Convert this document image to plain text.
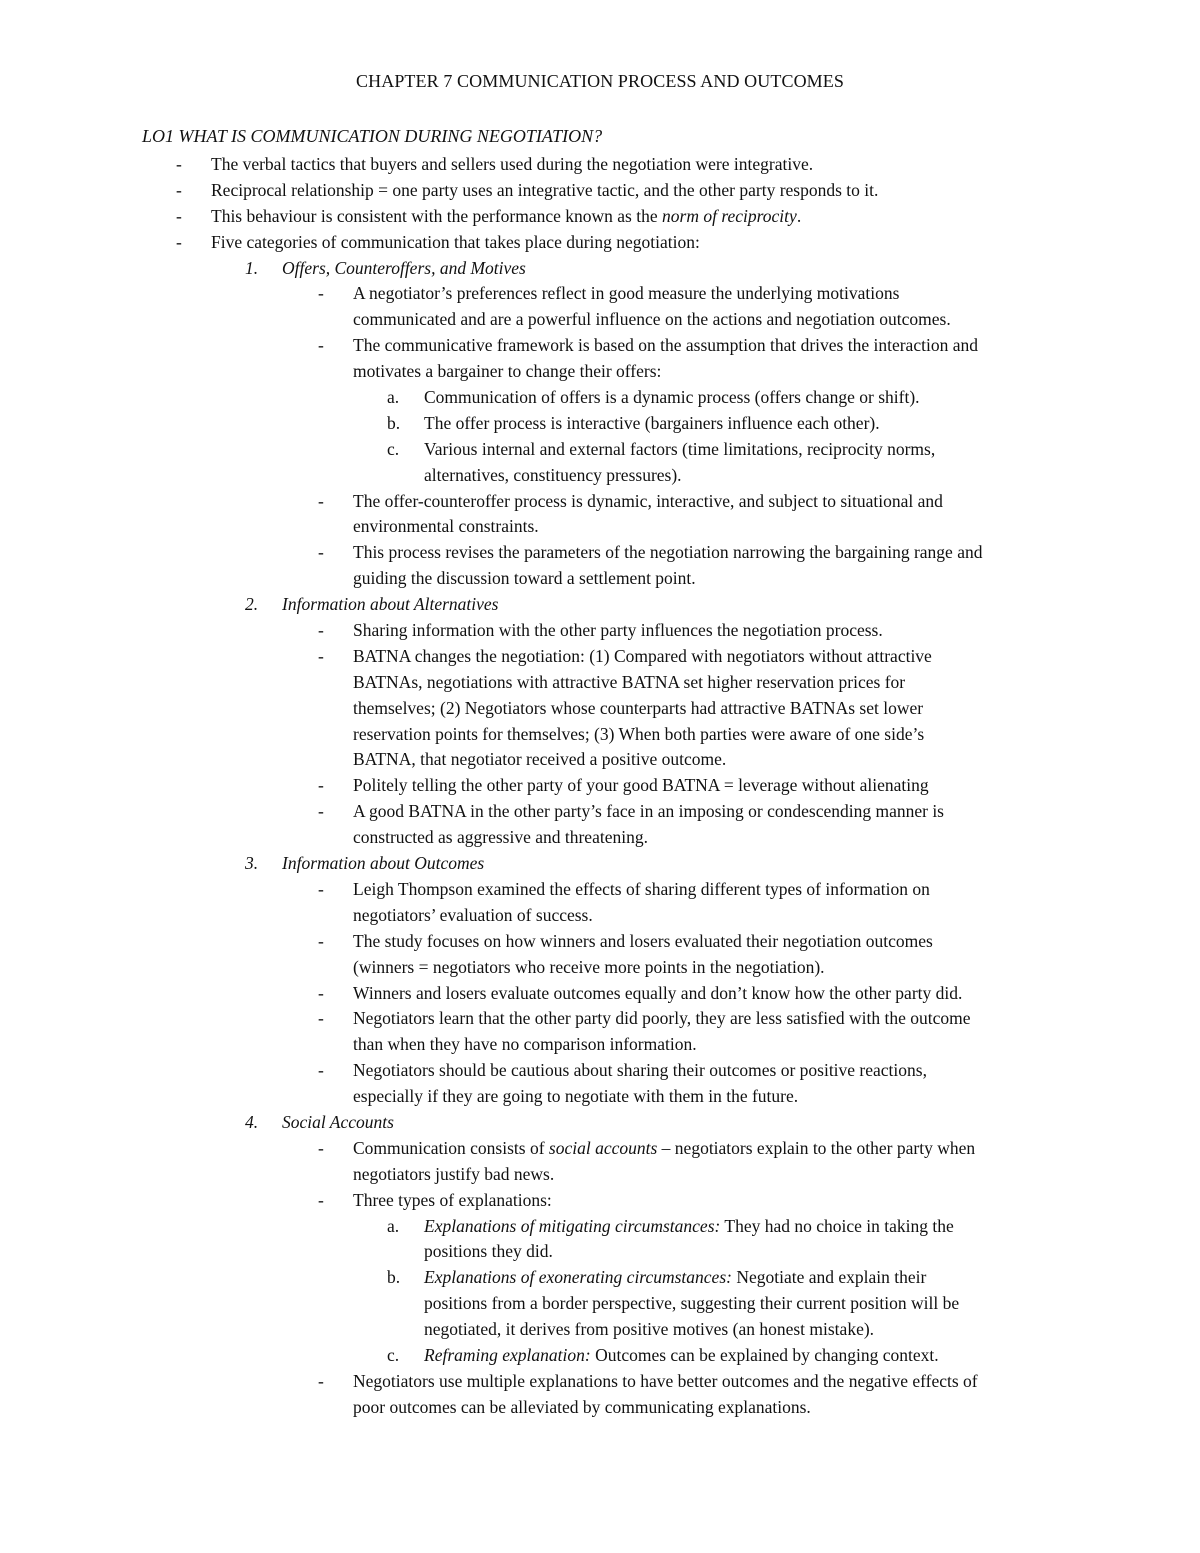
CHAPTER 7 COMMUNICATION PROCESS AND OUTCOMES
LO1 WHAT IS COMMUNICATION DURING NEGOTIATION?
- The verbal tactics that buyers and sellers used during the negotiation were integrative.
- Reciprocal relationship = one party uses an integrative tactic, and the other party responds to it.
- This behaviour is consistent with the performance known as the norm of reciprocity.
- Five categories of communication that takes place during negotiation:
1. Offers, Counteroffers, and Motives
- A negotiator’s preferences reflect in good measure the underlying motivations
communicated and are a powerful influence on the actions and negotiation outcomes.
- The communicative framework is based on the assumption that drives the interaction and
motivates a bargainer to change their offers:
a. Communication of offers is a dynamic process (offers change or shift).
b. The offer process is interactive (bargainers influence each other).
c. Various internal and external factors (time limitations, reciprocity norms,
alternatives, constituency pressures).
- The offer-counteroffer process is dynamic, interactive, and subject to situational and
environmental constraints.
- This process revises the parameters of the negotiation narrowing the bargaining range and
guiding the discussion toward a settlement point.
2. Information about Alternatives
- Sharing information with the other party influences the negotiation process.
- BATNA changes the negotiation: (1) Compared with negotiators without attractive
BATNAs, negotiations with attractive BATNA set higher reservation prices for
themselves; (2) Negotiators whose counterparts had attractive BATNAs set lower
reservation points for themselves; (3) When both parties were aware of one side’s
BATNA, that negotiator received a positive outcome.
- Politely telling the other party of your good BATNA = leverage without alienating
- A good BATNA in the other party’s face in an imposing or condescending manner is
constructed as aggressive and threatening.
3. Information about Outcomes
- Leigh Thompson examined the effects of sharing different types of information on
negotiators’ evaluation of success.
- The study focuses on how winners and losers evaluated their negotiation outcomes
(winners = negotiators who receive more points in the negotiation).
- Winners and losers evaluate outcomes equally and don’t know how the other party did.
- Negotiators learn that the other party did poorly, they are less satisfied with the outcome
than when they have no comparison information.
- Negotiators should be cautious about sharing their outcomes or positive reactions,
especially if they are going to negotiate with them in the future.
4. Social Accounts
- Communication consists of social accounts – negotiators explain to the other party when
negotiators justify bad news.
- Three types of explanations:
a. Explanations of mitigating circumstances: They had no choice in taking the
positions they did.
b. Explanations of exonerating circumstances: Negotiate and explain their
positions from a border perspective, suggesting their current position will be
negotiated, it derives from positive motives (an honest mistake).
c. Reframing explanation: Outcomes can be explained by changing context.
- Negotiators use multiple explanations to have better outcomes and the negative effects of
poor outcomes can be alleviated by communicating explanations.
